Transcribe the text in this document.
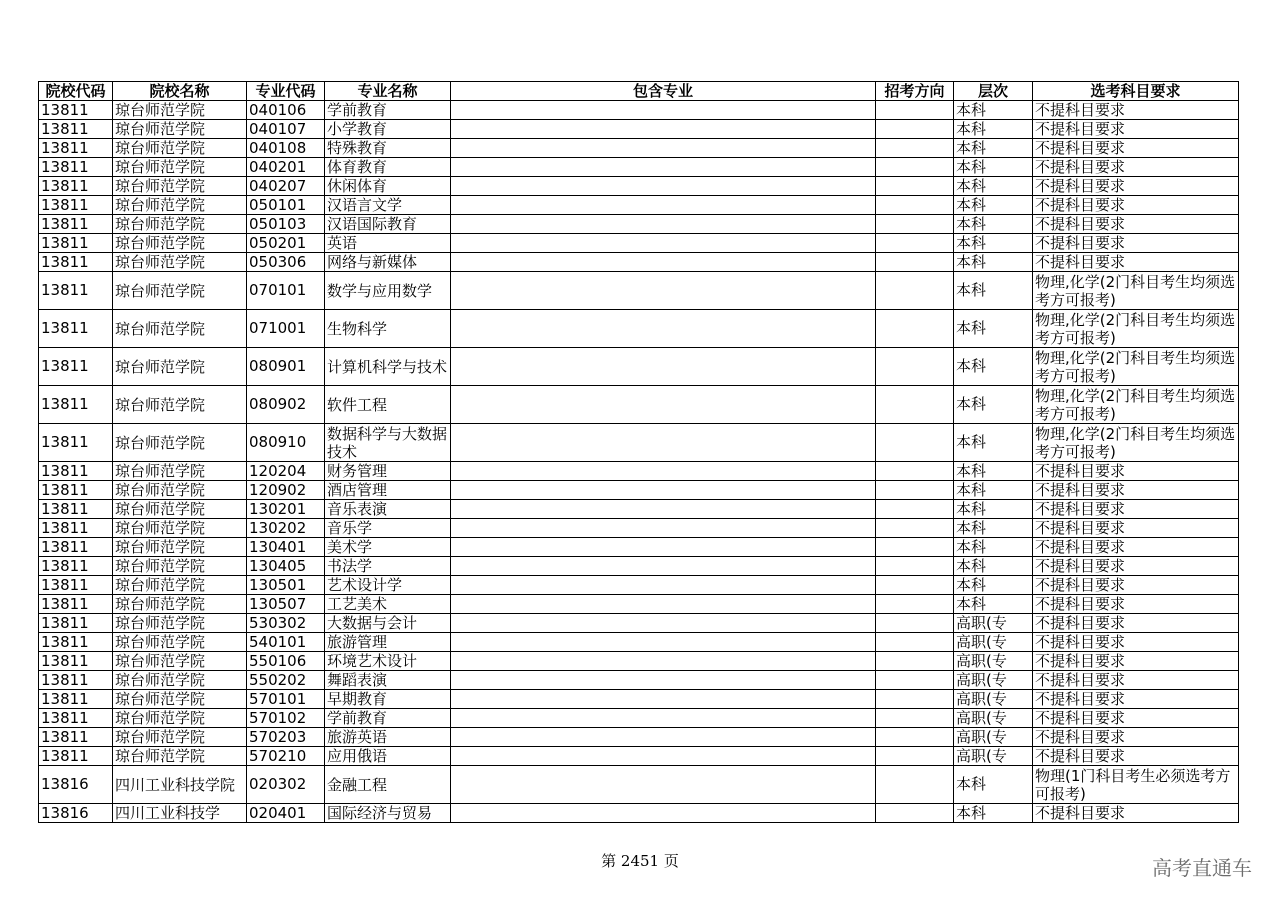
院校代码	院校名称	专业代码	专业名称	包含专业	招考方向	层次	选考科目要求
13811	琼台师范学院	040106	学前教育			本科	不提科目要求
13811	琼台师范学院	040107	小学教育			本科	不提科目要求
13811	琼台师范学院	040108	特殊教育			本科	不提科目要求
13811	琼台师范学院	040201	体育教育			本科	不提科目要求
13811	琼台师范学院	040207	休闲体育			本科	不提科目要求
13811	琼台师范学院	050101	汉语言文学			本科	不提科目要求
13811	琼台师范学院	050103	汉语国际教育			本科	不提科目要求
13811	琼台师范学院	050201	英语			本科	不提科目要求
13811	琼台师范学院	050306	网络与新媒体			本科	不提科目要求
13811	琼台师范学院	070101	数学与应用数学			本科	物理,化学(2门科目考生均须选考方可报考)
13811	琼台师范学院	071001	生物科学			本科	物理,化学(2门科目考生均须选考方可报考)
13811	琼台师范学院	080901	计算机科学与技术			本科	物理,化学(2门科目考生均须选考方可报考)
13811	琼台师范学院	080902	软件工程			本科	物理,化学(2门科目考生均须选考方可报考)
13811	琼台师范学院	080910	数据科学与大数据技术			本科	物理,化学(2门科目考生均须选考方可报考)
13811	琼台师范学院	120204	财务管理			本科	不提科目要求
13811	琼台师范学院	120902	酒店管理			本科	不提科目要求
13811	琼台师范学院	130201	音乐表演			本科	不提科目要求
13811	琼台师范学院	130202	音乐学			本科	不提科目要求
13811	琼台师范学院	130401	美术学			本科	不提科目要求
13811	琼台师范学院	130405	书法学			本科	不提科目要求
13811	琼台师范学院	130501	艺术设计学			本科	不提科目要求
13811	琼台师范学院	130507	工艺美术			本科	不提科目要求
13811	琼台师范学院	530302	大数据与会计			高职(专	不提科目要求
13811	琼台师范学院	540101	旅游管理			高职(专	不提科目要求
13811	琼台师范学院	550106	环境艺术设计			高职(专	不提科目要求
13811	琼台师范学院	550202	舞蹈表演			高职(专	不提科目要求
13811	琼台师范学院	570101	早期教育			高职(专	不提科目要求
13811	琼台师范学院	570102	学前教育			高职(专	不提科目要求
13811	琼台师范学院	570203	旅游英语			高职(专	不提科目要求
13811	琼台师范学院	570210	应用俄语			高职(专	不提科目要求
13816	四川工业科技学院	020302	金融工程			本科	物理(1门科目考生必须选考方可报考)
13816	四川工业科技学	020401	国际经济与贸易			本科	不提科目要求
第 2451 页	高考直通车
